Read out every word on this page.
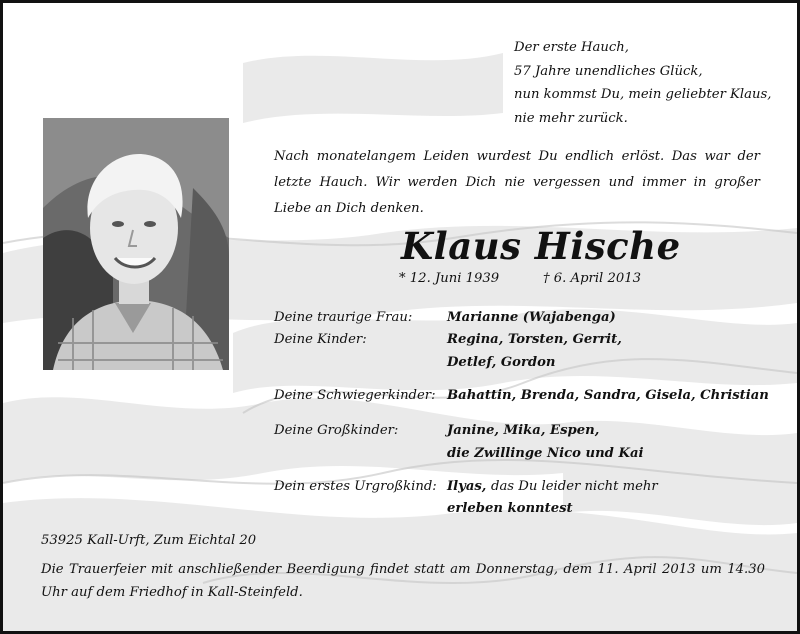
Der erste Hauch,
57 Jahre unendliches Glück,
nun kommst Du, mein geliebter Klaus,
nie mehr zurück.
Nach monatelangem Leiden wurdest Du endlich erlöst. Das war der letzte Hauch. Wir werden Dich nie vergessen und immer in großer Liebe an Dich denken.
Klaus Hische
* 12. Juni 1939	† 6. April 2013
Deine traurige Frau:	Marianne (Wajabenga)
Deine Kinder:	Regina, Torsten, Gerrit,
Detlef, Gordon
Deine Schwiegerkinder: Bahattin, Brenda, Sandra, Gisela, Christian
Deine Großkinder:	Janine, Mika, Espen,
die Zwillinge Nico und Kai
Dein erstes Urgroßkind: Ilyas, das Du leider nicht mehr
erleben konntest
53925 Kall-Urft, Zum Eichtal 20
Die Trauerfeier mit anschließender Beerdigung findet statt am Donnerstag, dem 11. April 2013 um 14.30 Uhr auf dem Friedhof in Kall-Steinfeld.
